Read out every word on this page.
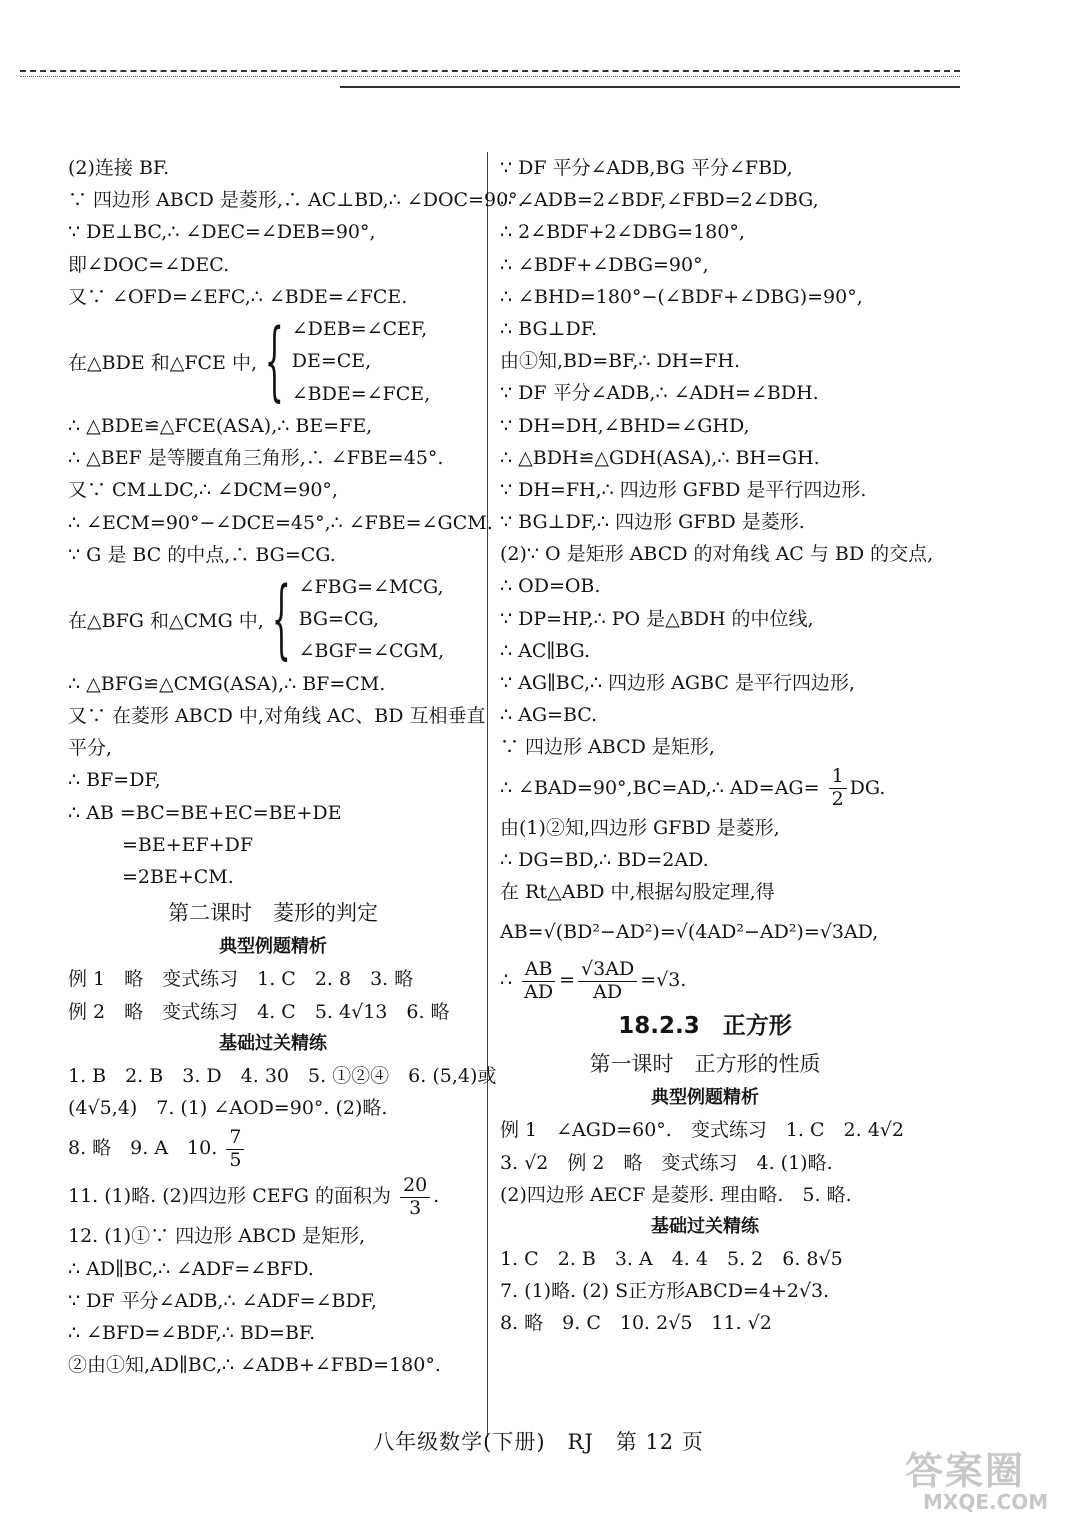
(2)连接 BF.
∵ 四边形 ABCD 是菱形,∴ AC⊥BD,∴ ∠DOC=90°.
∵ DE⊥BC,∴ ∠DEC=∠DEB=90°,
即∠DOC=∠DEC.
又∵ ∠OFD=∠EFC,∴ ∠BDE=∠FCE.
在△BDE 和△FCE 中, { ∠DEB=∠CEF,
DE=CE,
∠BDE=∠FCE,
∴ △BDE≌△FCE(ASA),∴ BE=FE,
∴ △BEF 是等腰直角三角形,∴ ∠FBE=45°.
又∵ CM⊥DC,∴ ∠DCM=90°,
∴ ∠ECM=90°−∠DCE=45°,∴ ∠FBE=∠GCM.
∵ G 是 BC 的中点,∴ BG=CG.
在△BFG 和△CMG 中, { ∠FBG=∠MCG,
BG=CG,
∠BGF=∠CGM,
∴ △BFG≌△CMG(ASA),∴ BF=CM.
又∵ 在菱形 ABCD 中,对角线 AC、BD 互相垂直
平分,
∴ BF=DF,
∴ AB =BC=BE+EC=BE+DE
=BE+EF+DF
=2BE+CM.
第二课时　菱形的判定
典型例题精析
例 1　略　变式练习　1. C　2. 8　3. 略
例 2　略　变式练习　4. C　5. 4√13　6. 略
基础过关精练
1. B　2. B　3. D　4. 30　5. ①②④　6. (5,4)或
(4√5,4)　7. (1) ∠AOD=90°. (2)略.
8. 略　9. A　10. $\frac{7}{5}$
11. (1)略. (2)四边形 CEFG 的面积为 $\frac{20}{3}$ .
12. (1)①∵ 四边形 ABCD 是矩形,
∴ AD∥BC,∴ ∠ADF=∠BFD.
∵ DF 平分∠ADB,∴ ∠ADF=∠BDF,
∴ ∠BFD=∠BDF,∴ BD=BF.
②由①知,AD∥BC,∴ ∠ADB+∠FBD=180°.
∵ DF 平分∠ADB,BG 平分∠FBD,
∴ ∠ADB=2∠BDF,∠FBD=2∠DBG,
∴ 2∠BDF+2∠DBG=180°,
∴ ∠BDF+∠DBG=90°,
∴ ∠BHD=180°−(∠BDF+∠DBG)=90°,
∴ BG⊥DF.
由①知,BD=BF,∴ DH=FH.
∵ DF 平分∠ADB,∴ ∠ADH=∠BDH.
∵ DH=DH,∠BHD=∠GHD,
∴ △BDH≌△GDH(ASA),∴ BH=GH.
∵ DH=FH,∴ 四边形 GFBD 是平行四边形.
∵ BG⊥DF,∴ 四边形 GFBD 是菱形.
(2)∵ O 是矩形 ABCD 的对角线 AC 与 BD 的交点,
∴ OD=OB.
∵ DP=HP,∴ PO 是△BDH 的中位线,
∴ AC∥BG.
∵ AG∥BC,∴ 四边形 AGBC 是平行四边形,
∴ AG=BC.
∵ 四边形 ABCD 是矩形,
∴ ∠BAD=90°,BC=AD,∴ $AD=AG= \frac{1}{2}$ DG.
由(1)②知,四边形 GFBD 是菱形,
∴ DG=BD,∴ BD=2AD.
在 Rt△ABD 中,根据勾股定理,得
AB=√(BD²−AD²)=√(4AD²−AD²)=√3AD,
∴ $\frac{AB}{AD} = \frac{√3AD}{AD} =√3$.
18.2.3　正方形
第一课时　正方形的性质
典型例题精析
例 1　∠AGD=60°.　变式练习　1. C　2. 4√2
3. √2　例 2　略　变式练习　4. (1)略.
(2)四边形 AECF 是菱形. 理由略.　5. 略.
基础过关精练
1. C　2. B　3. A　4. 4　5. 2　6. 8√5
7. (1)略. (2) S正方形ABCD=4+2√3.
8. 略　9. C　10. 2√5　11. √2
八年级数学(下册)　RJ　第 12 页
答案圈
MXQE.COM
